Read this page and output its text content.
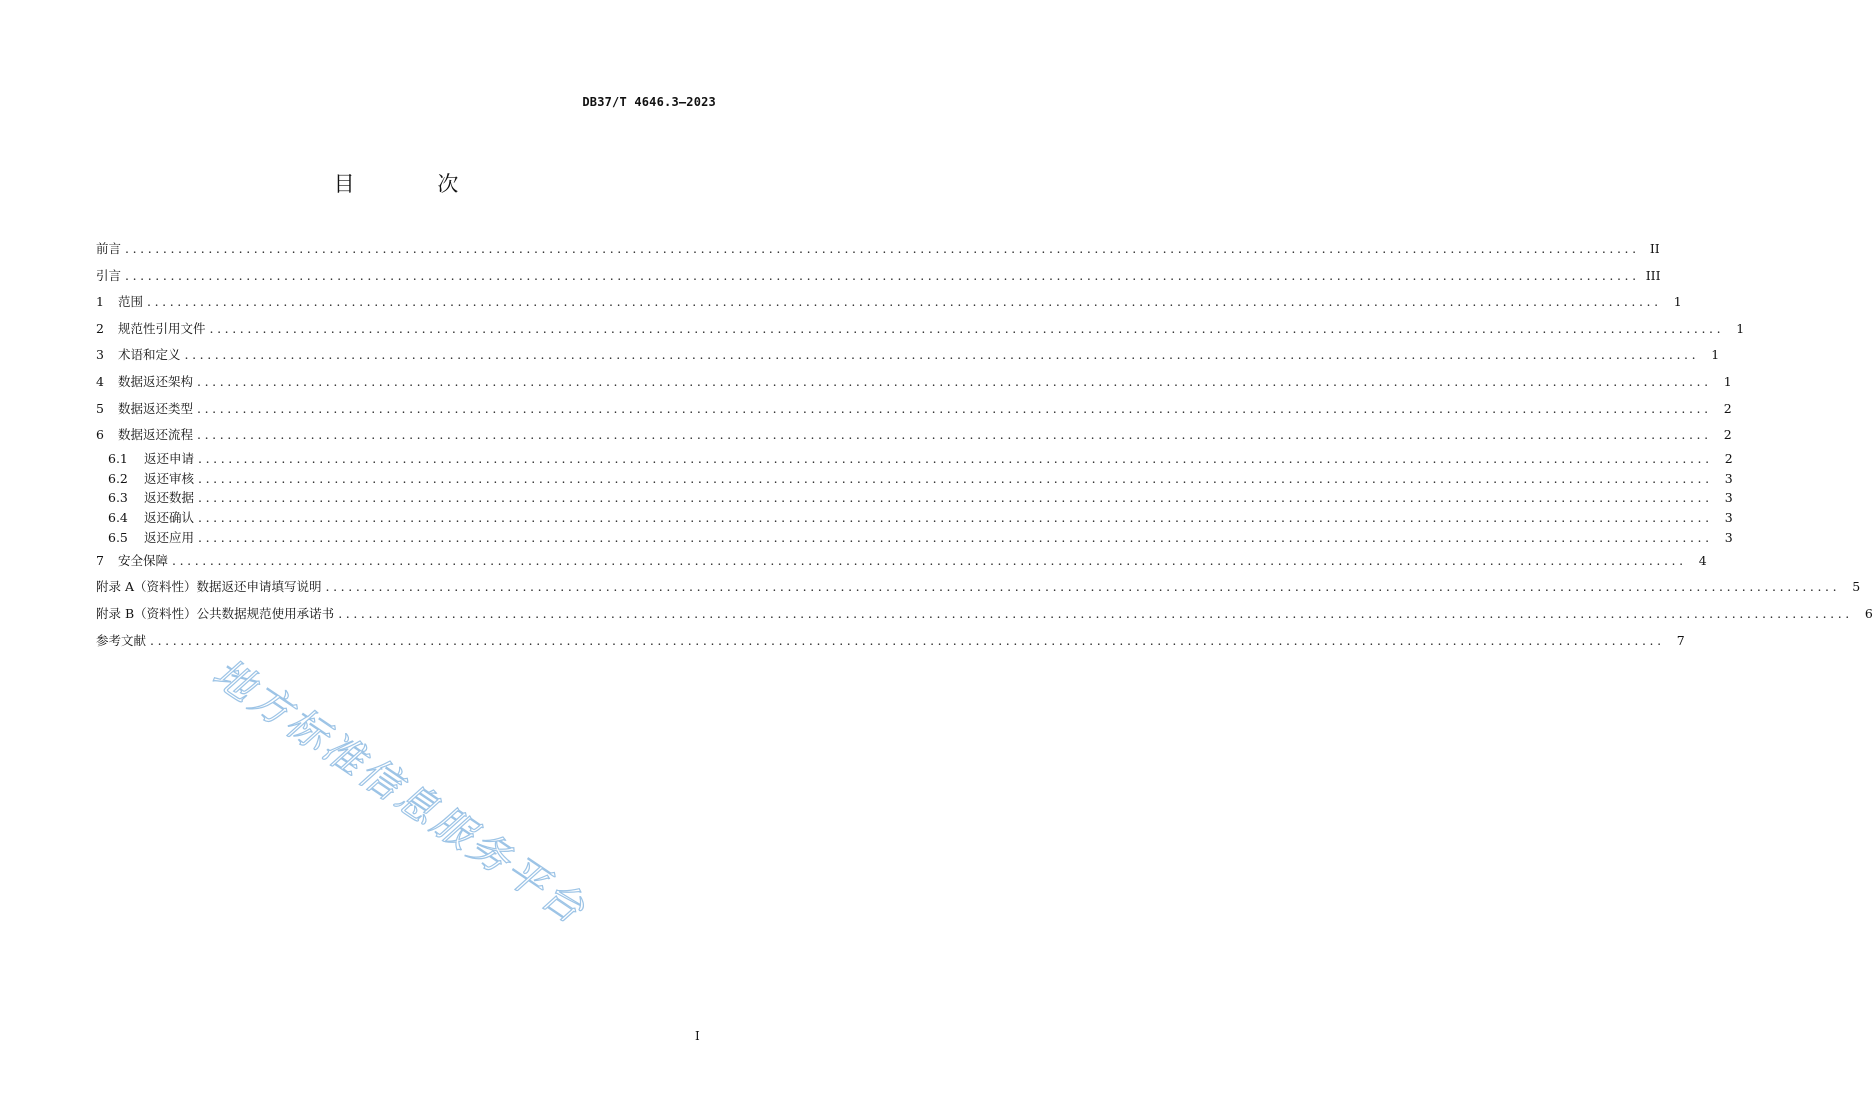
DB37/T 4646.3—2023
目 次
前言 ........................................................................................................................................................................................................ II
引言 ........................................................................................................................................................................................................ III
1	范围 ........................................................................................................................................................................................................ 1
2	规范性引用文件 ........................................................................................................................................................................................................ 1
3	术语和定义 ........................................................................................................................................................................................................ 1
4	数据返还架构 ........................................................................................................................................................................................................ 1
5	数据返还类型 ........................................................................................................................................................................................................ 2
6	数据返还流程 ........................................................................................................................................................................................................ 2
6.1	返还申请 ........................................................................................................................................................................................................ 2
6.2	返还审核 ........................................................................................................................................................................................................ 3
6.3	返还数据 ........................................................................................................................................................................................................ 3
6.4	返还确认 ........................................................................................................................................................................................................ 3
6.5	返还应用 ........................................................................................................................................................................................................ 3
7	安全保障 ........................................................................................................................................................................................................ 4
附录 A（资料性） 数据返还申请填写说明 ........................................................................................................................................................................................................ 5
附录 B（资料性） 公共数据规范使用承诺书 ........................................................................................................................................................................................................ 6
参考文献 ........................................................................................................................................................................................................ 7
I
地方标准信息服务平台
